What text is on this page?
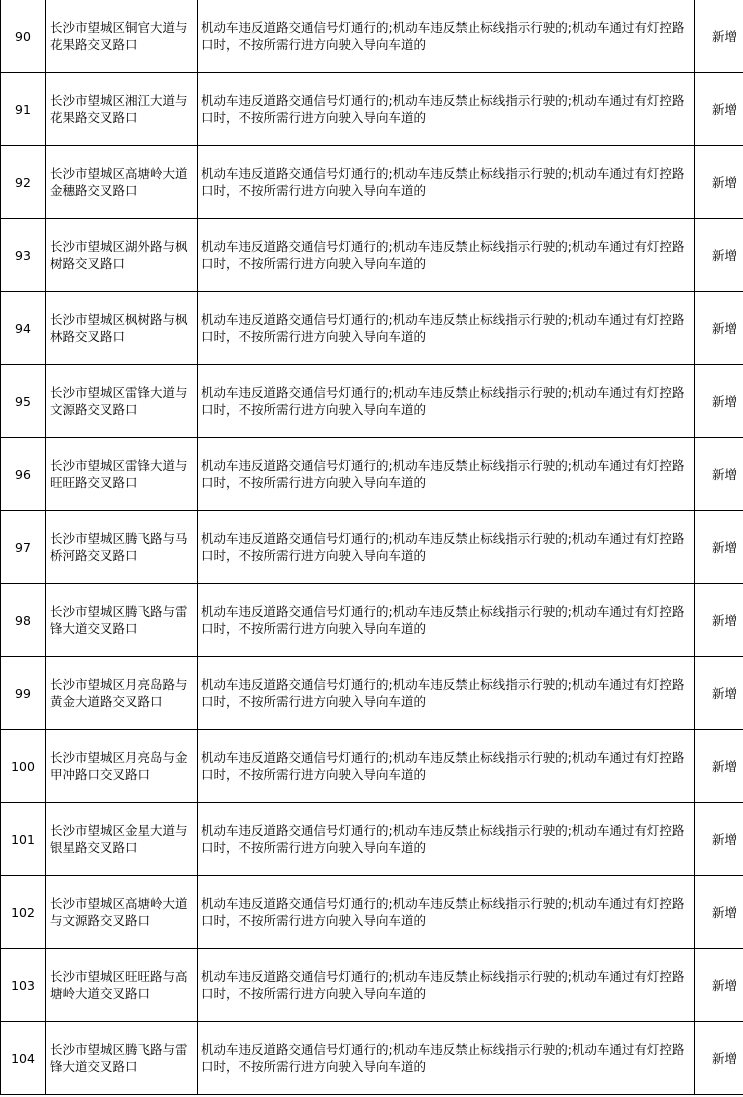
90	长沙市望城区铜官大道与花果路交叉路口	机动车违反道路交通信号灯通行的;机动车违反禁止标线指示行驶的;机动车通过有灯控路口时，不按所需行进方向驶入导向车道的	新增
91	长沙市望城区湘江大道与花果路交叉路口	机动车违反道路交通信号灯通行的;机动车违反禁止标线指示行驶的;机动车通过有灯控路口时，不按所需行进方向驶入导向车道的	新增
92	长沙市望城区高塘岭大道金穗路交叉路口	机动车违反道路交通信号灯通行的;机动车违反禁止标线指示行驶的;机动车通过有灯控路口时，不按所需行进方向驶入导向车道的	新增
93	长沙市望城区湖外路与枫树路交叉路口	机动车违反道路交通信号灯通行的;机动车违反禁止标线指示行驶的;机动车通过有灯控路口时，不按所需行进方向驶入导向车道的	新增
94	长沙市望城区枫树路与枫林路交叉路口	机动车违反道路交通信号灯通行的;机动车违反禁止标线指示行驶的;机动车通过有灯控路口时，不按所需行进方向驶入导向车道的	新增
95	长沙市望城区雷锋大道与文源路交叉路口	机动车违反道路交通信号灯通行的;机动车违反禁止标线指示行驶的;机动车通过有灯控路口时，不按所需行进方向驶入导向车道的	新增
96	长沙市望城区雷锋大道与旺旺路交叉路口	机动车违反道路交通信号灯通行的;机动车违反禁止标线指示行驶的;机动车通过有灯控路口时，不按所需行进方向驶入导向车道的	新增
97	长沙市望城区腾飞路与马桥河路交叉路口	机动车违反道路交通信号灯通行的;机动车违反禁止标线指示行驶的;机动车通过有灯控路口时，不按所需行进方向驶入导向车道的	新增
98	长沙市望城区腾飞路与雷锋大道交叉路口	机动车违反道路交通信号灯通行的;机动车违反禁止标线指示行驶的;机动车通过有灯控路口时，不按所需行进方向驶入导向车道的	新增
99	长沙市望城区月亮岛路与黄金大道路交叉路口	机动车违反道路交通信号灯通行的;机动车违反禁止标线指示行驶的;机动车通过有灯控路口时，不按所需行进方向驶入导向车道的	新增
100	长沙市望城区月亮岛与金甲冲路口交叉路口	机动车违反道路交通信号灯通行的;机动车违反禁止标线指示行驶的;机动车通过有灯控路口时，不按所需行进方向驶入导向车道的	新增
101	长沙市望城区金星大道与银星路交叉路口	机动车违反道路交通信号灯通行的;机动车违反禁止标线指示行驶的;机动车通过有灯控路口时，不按所需行进方向驶入导向车道的	新增
102	长沙市望城区高塘岭大道与文源路交叉路口	机动车违反道路交通信号灯通行的;机动车违反禁止标线指示行驶的;机动车通过有灯控路口时，不按所需行进方向驶入导向车道的	新增
103	长沙市望城区旺旺路与高塘岭大道交叉路口	机动车违反道路交通信号灯通行的;机动车违反禁止标线指示行驶的;机动车通过有灯控路口时，不按所需行进方向驶入导向车道的	新增
104	长沙市望城区腾飞路与雷锋大道交叉路口	机动车违反道路交通信号灯通行的;机动车违反禁止标线指示行驶的;机动车通过有灯控路口时，不按所需行进方向驶入导向车道的	新增
